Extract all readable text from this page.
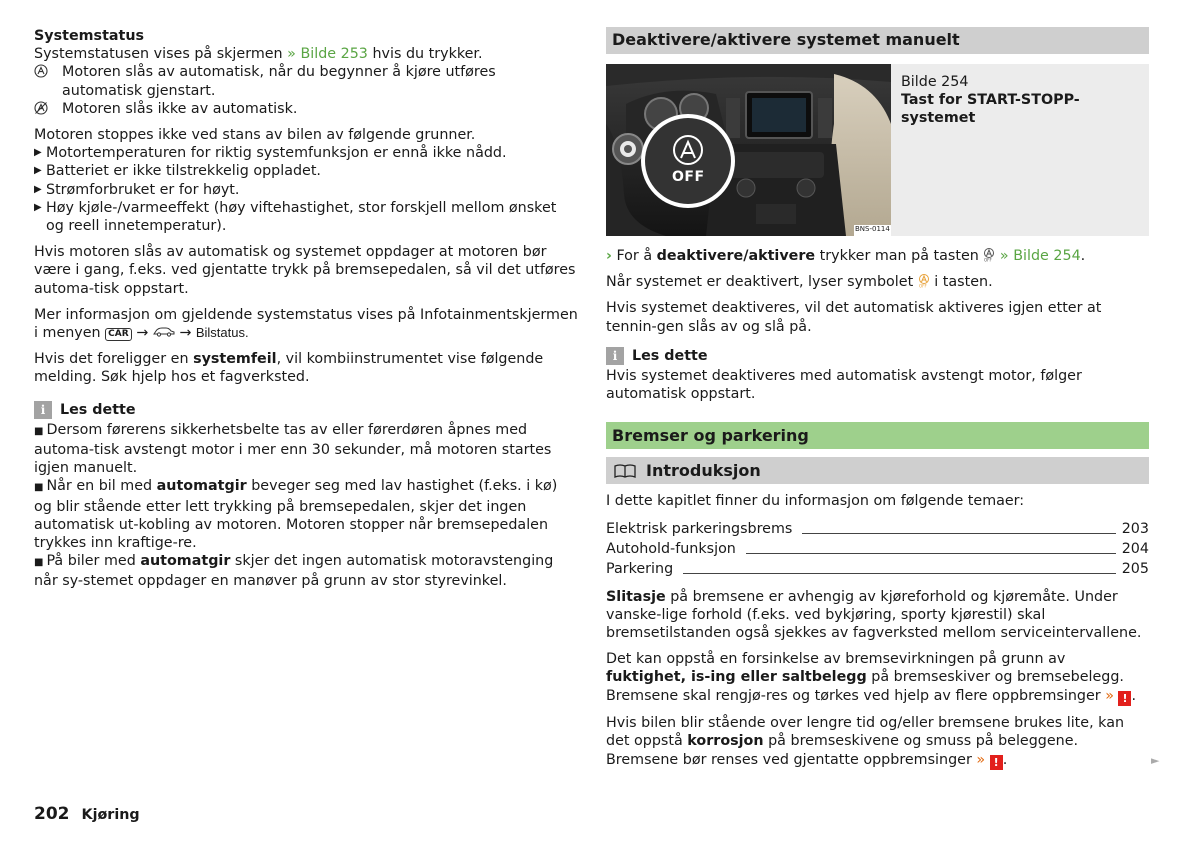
Systemstatus

Systemstatusen vises på skjermen » Bilde 253 hvis du trykker.

Motoren slås av automatisk, når du begynner å kjøre utføres automatisk gjenstart.
Motoren slås ikke av automatisk.

Motoren stoppes ikke ved stans av bilen av følgende grunner.

▶ Motortemperaturen for riktig systemfunksjon er ennå ikke nådd.
▶ Batteriet er ikke tilstrekkelig oppladet.
▶ Strømforbruket er for høyt.
▶ Høy kjøle-/varmeeffekt (høy viftehastighet, stor forskjell mellom ønsket og reell innetemperatur).

Hvis motoren slås av automatisk og systemet oppdager at motoren bør være i gang, f.eks. ved gjentatte trykk på bremsepedalen, så vil det utføres automa-tisk oppstart.

Mer informasjon om gjeldende systemstatus vises på Infotainmentskjermen i menyen CAR → → Bilstatus.

Hvis det foreligger en systemfeil, vil kombiinstrumentet vise følgende melding. Søk hjelp hos et fagverksted.

i	Les dette

■ Dersom førerens sikkerhetsbelte tas av eller førerdøren åpnes med automa-tisk avstengt motor i mer enn 30 sekunder, må motoren startes igjen manuelt.

■ Når en bil med automatgir beveger seg med lav hastighet (f.eks. i kø) og blir stående etter lett trykking på bremsepedalen, skjer det ingen automatisk ut-kobling av motoren. Motoren stopper når bremsepedalen trykkes inn kraftige-re.

■ På biler med automatgir skjer det ingen automatisk motoravstenging når sy-stemet oppdager en manøver på grunn av stor styrevinkel.

Deaktivere/aktivere systemet manuelt
OFF
BNS-0114

Bilde 254

Tast for START-STOPP-systemet

› For å deaktivere/aktivere trykker man på tasten OFF » Bilde 254.

Når systemet er deaktivert, lyser symbolet OFF i tasten.

Hvis systemet deaktiveres, vil det automatisk aktiveres igjen etter at tennin-gen slås av og slå på.

i	Les dette

Hvis systemet deaktiveres med automatisk avstengt motor, følger automatisk oppstart.

Bremser og parkering
Introduksjon

I dette kapitlet finner du informasjon om følgende temaer:

Elektrisk parkeringsbrems	203
Autohold-funksjon	204
Parkering	205

Slitasje på bremsene er avhengig av kjøreforhold og kjøremåte. Under vanske-lige forhold (f.eks. ved bykjøring, sporty kjørestil) skal bremsetilstanden også sjekkes av fagverksted mellom serviceintervallene.

Det kan oppstå en forsinkelse av bremsevirkningen på grunn av fuktighet, is-ing eller saltbelegg på bremseskiver og bremsebelegg. Bremsene skal rengjø-res og tørkes ved hjelp av flere oppbremsinger » ! .

Hvis bilen blir stående over lengre tid og/eller bremsene brukes lite, kan det oppstå korrosjon på bremseskivene og smuss på beleggene. Bremsene bør renses ved gjentatte oppbremsinger » ! .	►
202 Kjøring
